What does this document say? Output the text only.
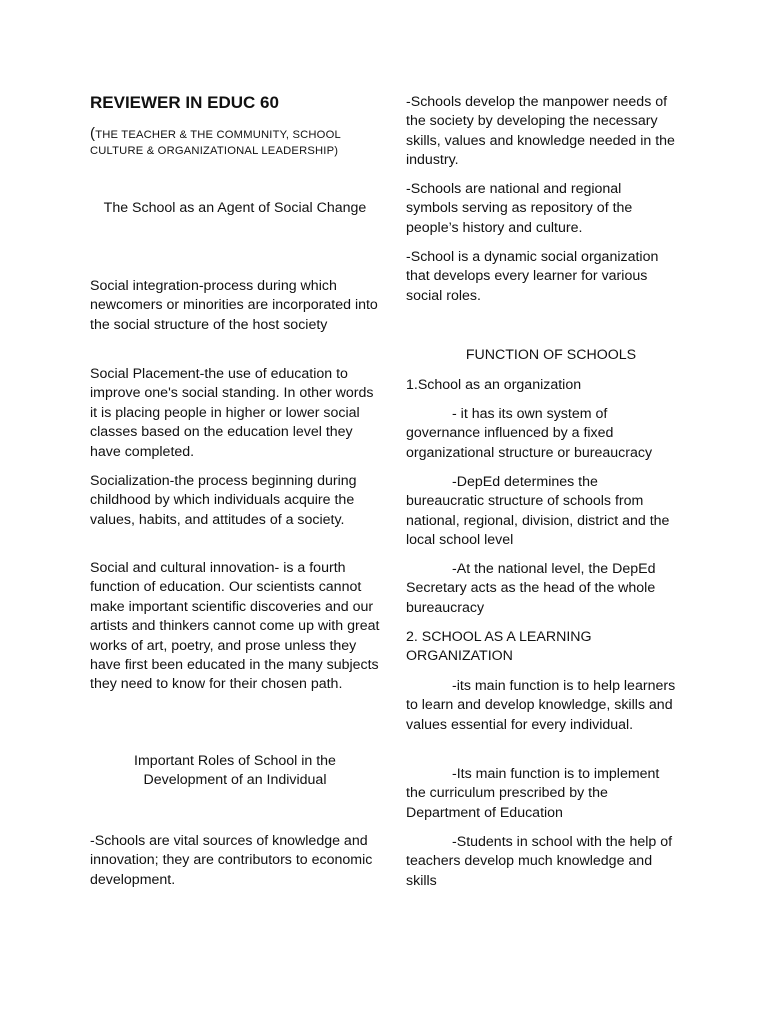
REVIEWER IN EDUC 60

(THE TEACHER & THE COMMUNITY, SCHOOL CULTURE & ORGANIZATIONAL LEADERSHIP)

The School as an Agent of Social Change

Social integration-process during which newcomers or minorities are incorporated into the social structure of the host society

Social Placement-the use of education to improve one's social standing. In other words it is placing people in higher or lower social classes based on the education level they have completed.

Socialization-the process beginning during childhood by which individuals acquire the values, habits, and attitudes of a society.

Social and cultural innovation- is a fourth function of education. Our scientists cannot make important scientific discoveries and our artists and thinkers cannot come up with great works of art, poetry, and prose unless they have first been educated in the many subjects they need to know for their chosen path.

Important Roles of School in the Development of an Individual

-Schools are vital sources of knowledge and innovation; they are contributors to economic development.

-Schools develop the manpower needs of the society by developing the necessary skills, values and knowledge needed in the industry.

-Schools are national and regional symbols serving as repository of the people’s history and culture.

-School is a dynamic social organization that develops every learner for various social roles.

FUNCTION OF SCHOOLS

1.School as an organization

- it has its own system of governance influenced by a fixed organizational structure or bureaucracy

-DepEd determines the bureaucratic structure of schools from national, regional, division, district and the local school level

-At the national level, the DepEd Secretary acts as the head of the whole bureaucracy

2. SCHOOL AS A LEARNING ORGANIZATION

-its main function is to help learners to learn and develop knowledge, skills and values essential for every individual.

-Its main function is to implement the curriculum prescribed by the Department of Education

-Students in school with the help of teachers develop much knowledge and skills
